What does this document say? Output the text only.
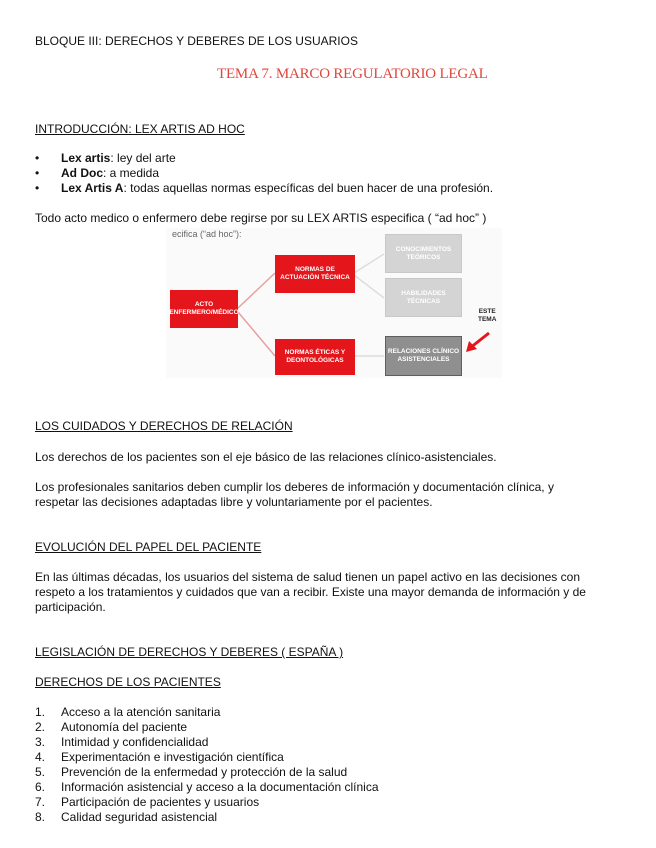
BLOQUE III: DERECHOS Y DEBERES DE LOS USUARIOS
TEMA 7. MARCO REGULATORIO LEGAL
INTRODUCCIÓN: LEX ARTIS AD HOC
• Lex artis: ley del arte
• Ad Doc: a medida
• Lex Artis A: todas aquellas normas específicas del buen hacer de una profesión.
Todo acto medico o enfermero debe regirse por su LEX ARTIS especifica ( “ad hoc” )
ecifica (“ad hoc”):
ACTO ENFERMERO/MÉDICO
NORMAS DE ACTUACIÓN TÉCNICA
NORMAS ÉTICAS Y DEONTOLÓGICAS
CONOCIMIENTOS TEÓRICOS
HABILIDADES TÉCNICAS
RELACIONES CLÍNICO ASISTENCIALES
ESTE
TEMA
LOS CUIDADOS Y DERECHOS DE RELACIÓN
Los derechos de los pacientes son el eje básico de las relaciones clínico-asistenciales.
Los profesionales sanitarios deben cumplir los deberes de información y documentación clínica, y
respetar las decisiones adaptadas libre y voluntariamente por el pacientes.
EVOLUCIÓN DEL PAPEL DEL PACIENTE
En las últimas décadas, los usuarios del sistema de salud tienen un papel activo en las decisiones con
respeto a los tratamientos y cuidados que van a recibir. Existe una mayor demanda de información y de
participación.
LEGISLACIÓN DE DERECHOS Y DEBERES ( ESPAÑA )
DERECHOS DE LOS PACIENTES
1. Acceso a la atención sanitaria
2. Autonomía del paciente
3. Intimidad y confidencialidad
4. Experimentación e investigación científica
5. Prevención de la enfermedad y protección de la salud
6. Información asistencial y acceso a la documentación clínica
7. Participación de pacientes y usuarios
8. Calidad seguridad asistencial
